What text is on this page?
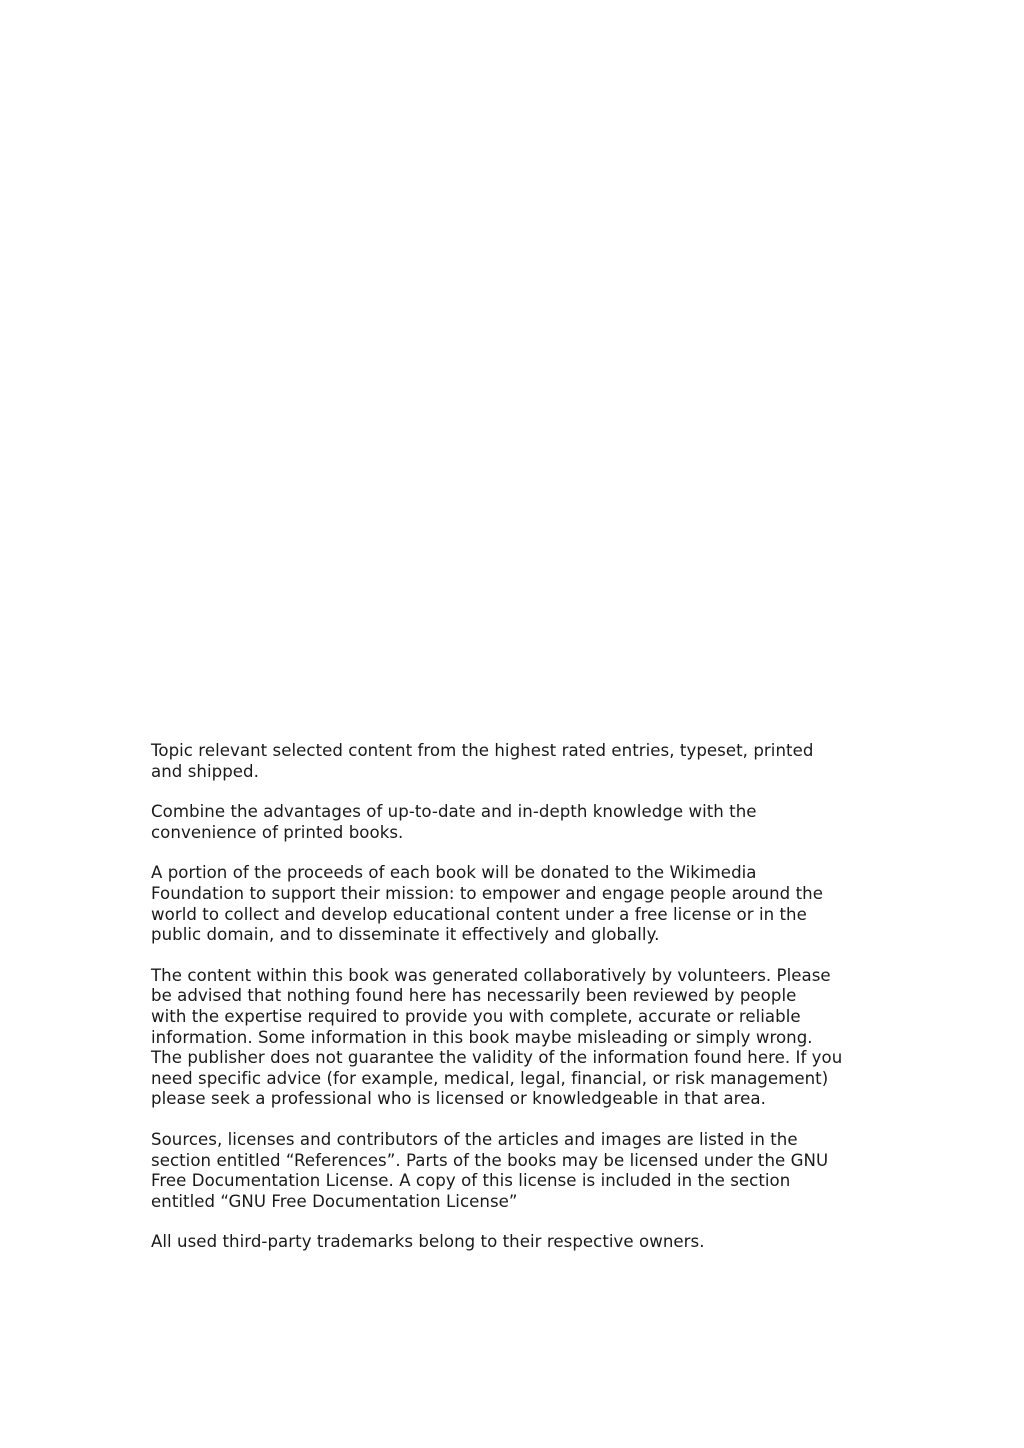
Topic relevant selected content from the highest rated entries, typeset, printed
and shipped.

Combine the advantages of up-to-date and in-depth knowledge with the
convenience of printed books.

A portion of the proceeds of each book will be donated to the Wikimedia
Foundation to support their mission: to empower and engage people around the
world to collect and develop educational content under a free license or in the
public domain, and to disseminate it effectively and globally.

The content within this book was generated collaboratively by volunteers. Please
be advised that nothing found here has necessarily been reviewed by people
with the expertise required to provide you with complete, accurate or reliable
information. Some information in this book maybe misleading or simply wrong.
The publisher does not guarantee the validity of the information found here. If you
need specific advice (for example, medical, legal, financial, or risk management)
please seek a professional who is licensed or knowledgeable in that area.

Sources, licenses and contributors of the articles and images are listed in the
section entitled “References”. Parts of the books may be licensed under the GNU
Free Documentation License. A copy of this license is included in the section
entitled “GNU Free Documentation License”

All used third-party trademarks belong to their respective owners.
